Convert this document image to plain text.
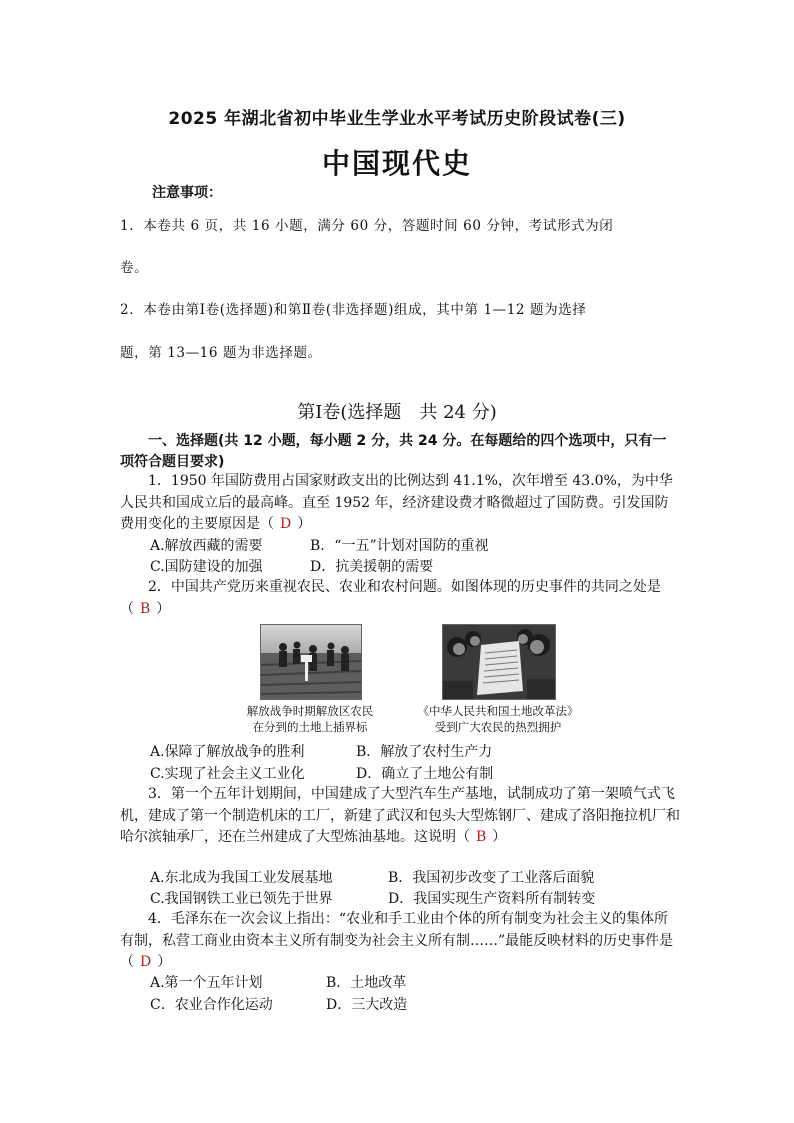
2025 年湖北省初中毕业生学业水平考试历史阶段试卷(三)
中国现代史
注意事项：
1．本卷共 6 页，共 16 小题，满分 60 分，答题时间 60 分钟，考试形式为闭
卷。
2．本卷由第Ⅰ卷(选择题)和第Ⅱ卷(非选择题)组成，其中第 1—12 题为选择
题，第 13—16 题为非选择题。
第Ⅰ卷(选择题　共 24 分)
一、选择题(共 12 小题，每小题 2 分，共 24 分。在每题给的四个选项中，只有一项符合题目要求)
1．1950 年国防费用占国家财政支出的比例达到 41.1%，次年增至 43.0%，为中华人民共和国成立后的最高峰。直至 1952 年，经济建设费才略微超过了国防费。引发国防费用变化的主要原因是（ D ）
A.解放西藏的需要	B．“一五”计划对国防的重视
C.国防建设的加强	D．抗美援朝的需要
2．中国共产党历来重视农民、农业和农村问题。如图体现的历史事件的共同之处是（ B ）
解放战争时期解放区农民
在分到的土地上插界标
《中华人民共和国土地改革法》
受到广大农民的热烈拥护
A.保障了解放战争的胜利	B．解放了农村生产力
C.实现了社会主义工业化	D．确立了土地公有制
3．第一个五年计划期间，中国建成了大型汽车生产基地，试制成功了第一架喷气式飞机，建成了第一个制造机床的工厂，新建了武汉和包头大型炼钢厂、建成了洛阳拖拉机厂和哈尔滨轴承厂，还在兰州建成了大型炼油基地。这说明（ B ）
A.东北成为我国工业发展基地	B．我国初步改变了工业落后面貌
C.我国钢铁工业已领先于世界	D．我国实现生产资料所有制转变
4．毛泽东在一次会议上指出：“农业和手工业由个体的所有制变为社会主义的集体所有制，私营工商业由资本主义所有制变为社会主义所有制……”最能反映材料的历史事件是（ D ）
A.第一个五年计划	B．土地改革
C．农业合作化运动	D．三大改造
